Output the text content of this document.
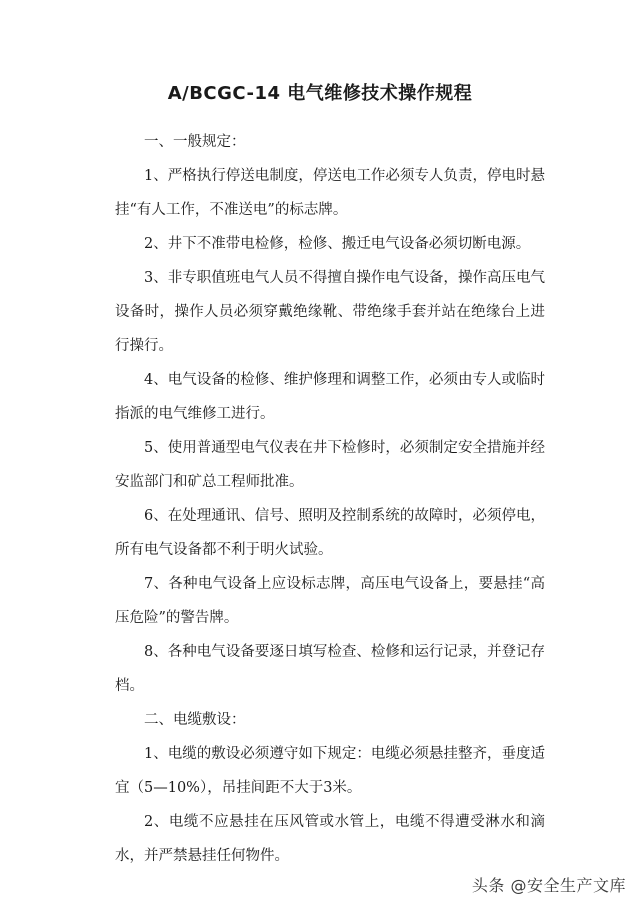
A/BCGC-14 电气维修技术操作规程

一、一般规定：

1、严格执行停送电制度，停送电工作必须专人负责，停电时悬挂“有人工作，不准送电”的标志牌。

2、井下不准带电检修，检修、搬迁电气设备必须切断电源。

3、非专职值班电气人员不得擅自操作电气设备，操作高压电气设备时，操作人员必须穿戴绝缘靴、带绝缘手套并站在绝缘台上进行操行。

4、电气设备的检修、维护修理和调整工作，必须由专人或临时指派的电气维修工进行。

5、使用普通型电气仪表在井下检修时，必须制定安全措施并经安监部门和矿总工程师批准。

6、在处理通讯、信号、照明及控制系统的故障时，必须停电，所有电气设备都不利于明火试验。

7、各种电气设备上应设标志牌，高压电气设备上，要悬挂“高压危险”的警告牌。

8、各种电气设备要逐日填写检查、检修和运行记录，并登记存档。

二、电缆敷设：

1、电缆的敷设必须遵守如下规定：电缆必须悬挂整齐，垂度适宜（5—10%），吊挂间距不大于3米。

2、电缆不应悬挂在压风管或水管上，电缆不得遭受淋水和滴水，并严禁悬挂任何物件。

头条 @安全生产文库
